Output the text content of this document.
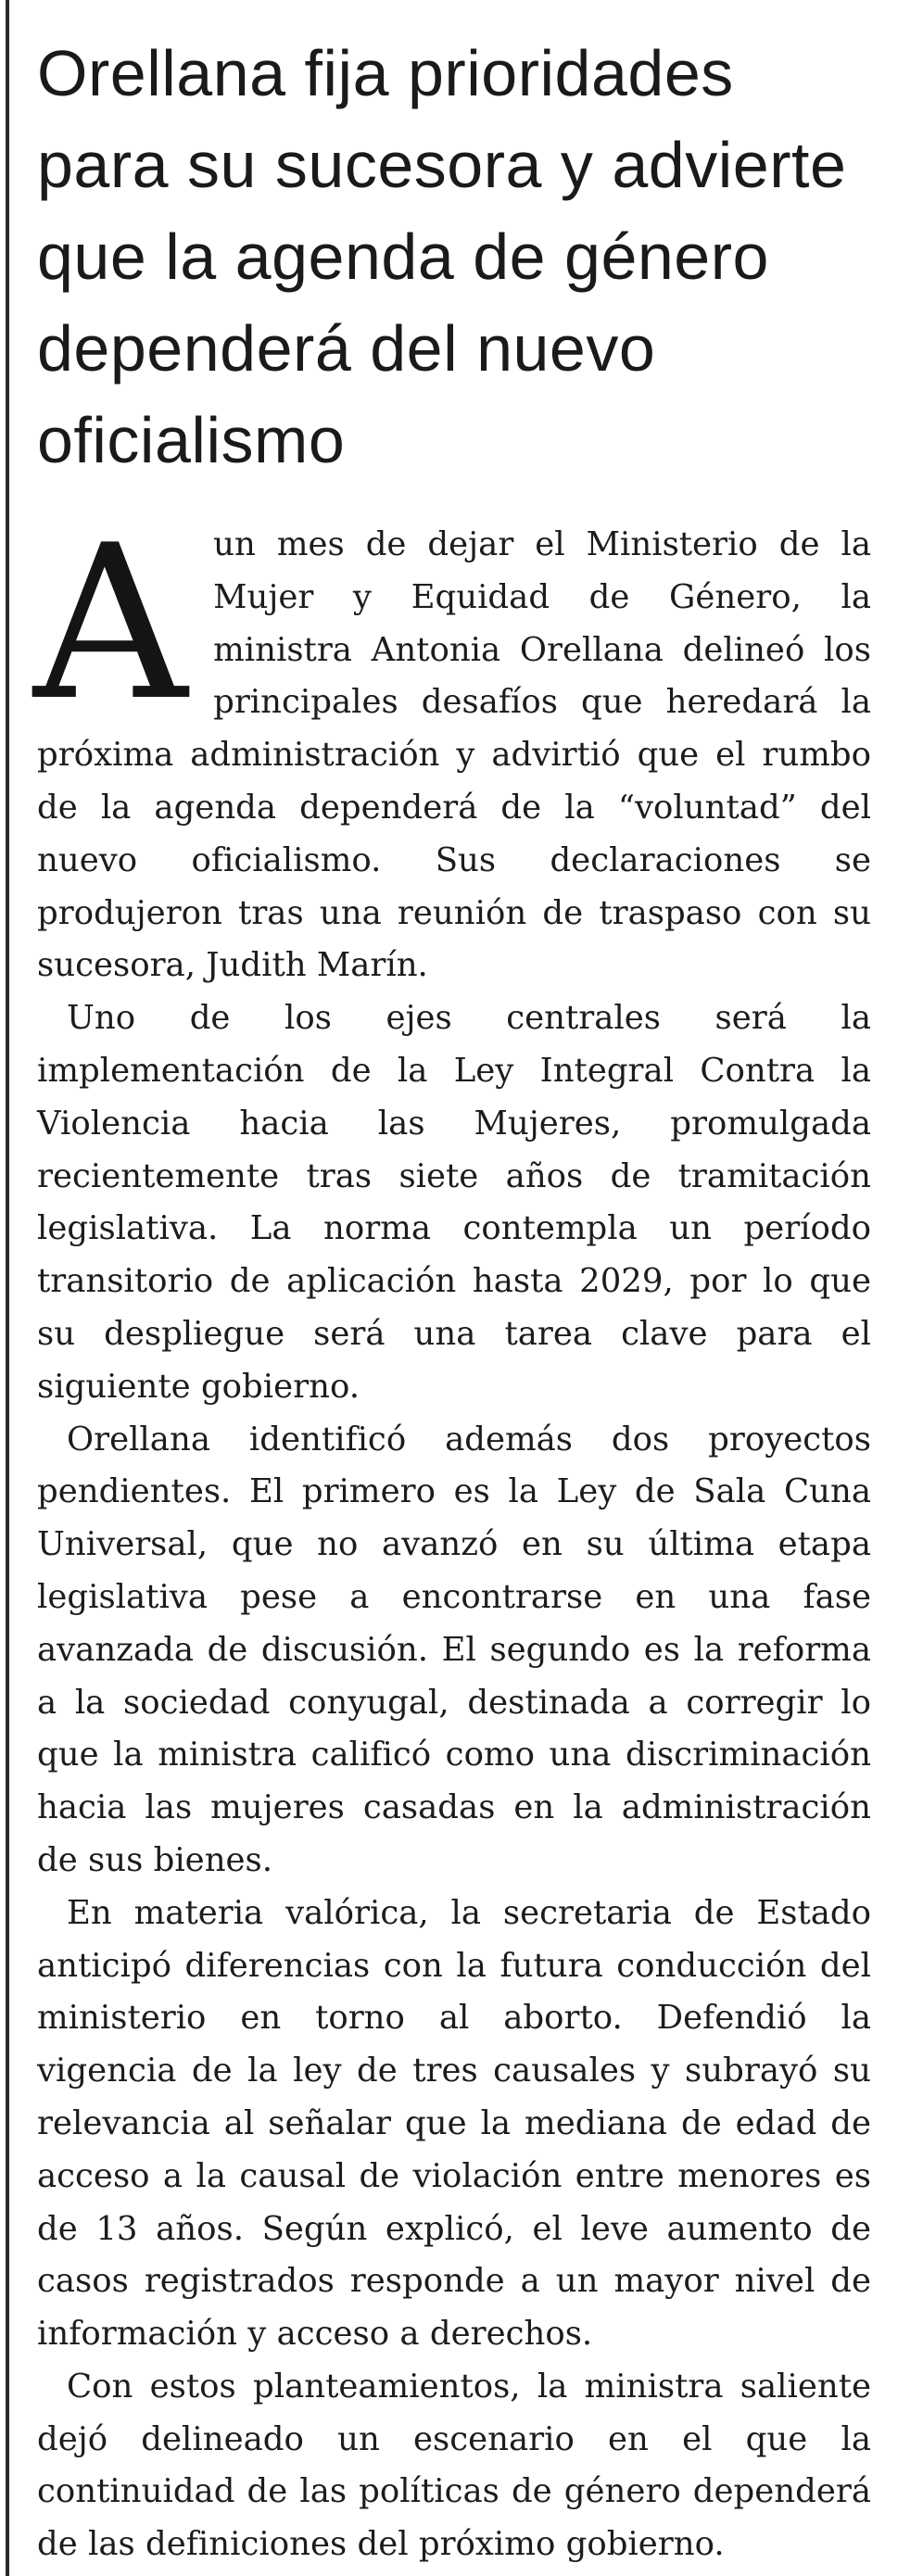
Orellana fija prioridades para su sucesora y advierte que la agenda de género dependerá del nuevo oficialismo

A un mes de dejar el Ministerio de la Mujer y Equidad de Género, la ministra Antonia Orellana delineó los principales desafíos que heredará la próxima administración y advirtió que el rumbo de la agenda dependerá de la “voluntad” del nuevo oficialismo. Sus declaraciones se produjeron tras una reunión de traspaso con su sucesora, Judith Marín.

Uno de los ejes centrales será la implementación de la Ley Integral Contra la Violencia hacia las Mujeres, promulgada recientemente tras siete años de tramitación legislativa. La norma contempla un período transitorio de aplicación hasta 2029, por lo que su despliegue será una tarea clave para el siguiente gobierno.

Orellana identificó además dos proyectos pendientes. El primero es la Ley de Sala Cuna Universal, que no avanzó en su última etapa legislativa pese a encontrarse en una fase avanzada de discusión. El segundo es la reforma a la sociedad conyugal, destinada a corregir lo que la ministra calificó como una discriminación hacia las mujeres casadas en la administración de sus bienes.

En materia valórica, la secretaria de Estado anticipó diferencias con la futura conducción del ministerio en torno al aborto. Defendió la vigencia de la ley de tres causales y subrayó su relevancia al señalar que la mediana de edad de acceso a la causal de violación entre menores es de 13 años. Según explicó, el leve aumento de casos registrados responde a un mayor nivel de información y acceso a derechos.

Con estos planteamientos, la ministra saliente dejó delineado un escenario en el que la continuidad de las políticas de género dependerá de las definiciones del próximo gobierno.
